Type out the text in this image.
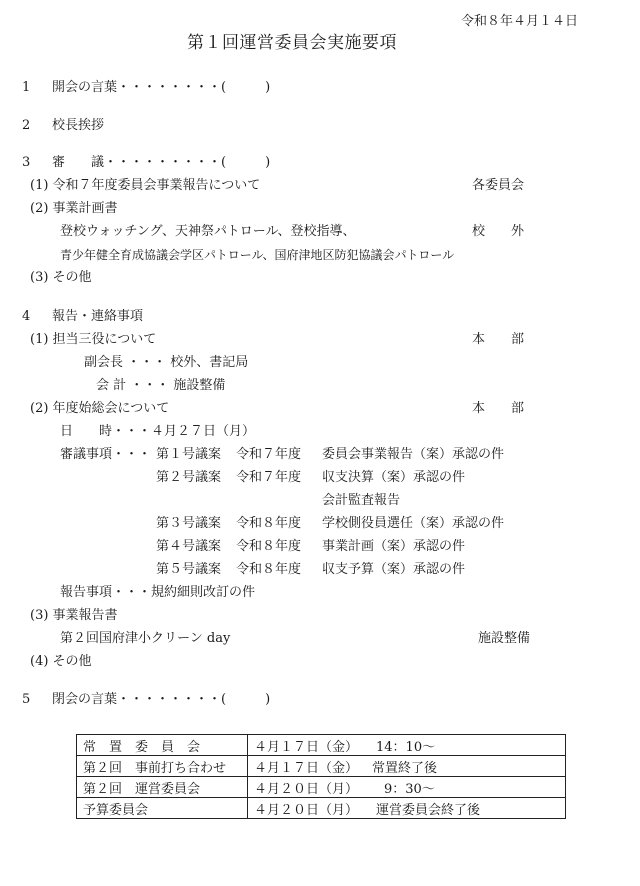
令和８年４月１４日
第１回運営委員会実施要項
1 開会の言葉・・・・・・・・(　　　)
2 校長挨拶
3 審　　議・・・・・・・・・(　　　)
(1) 令和７年度委員会事業報告について	各委員会
(2) 事業計画書
登校ウォッチング、天神祭パトロール、登校指導、	校　　外
青少年健全育成協議会学区パトロール、国府津地区防犯協議会パトロール
(3) その他
4 報告・連絡事項
(1) 担当三役について	本　　部
副会長 ・・・ 校外、書記局
会 計 ・・・ 施設整備
(2) 年度始総会について	本　　部
日　　時・・・４月２７日（月）
審議事項・・・ 第１号議案 令和７年度 委員会事業報告（案）承認の件
第２号議案 令和７年度 収支決算（案）承認の件
会計監査報告
第３号議案 令和８年度 学校側役員選任（案）承認の件
第４号議案 令和８年度 事業計画（案）承認の件
第５号議案 令和８年度 収支予算（案）承認の件
報告事項・・・規約細則改訂の件
(3) 事業報告書
第２回国府津小クリーン day	施設整備
(4) その他
5 閉会の言葉・・・・・・・・(　　　)
常　置　委　員　会	４月１７日（金） 14：10～
第２回　事前打ち合わせ	４月１７日（金） 常置終了後
第２回　運営委員会	４月２０日（月） 9：30～
予算委員会	４月２０日（月） 運営委員会終了後
